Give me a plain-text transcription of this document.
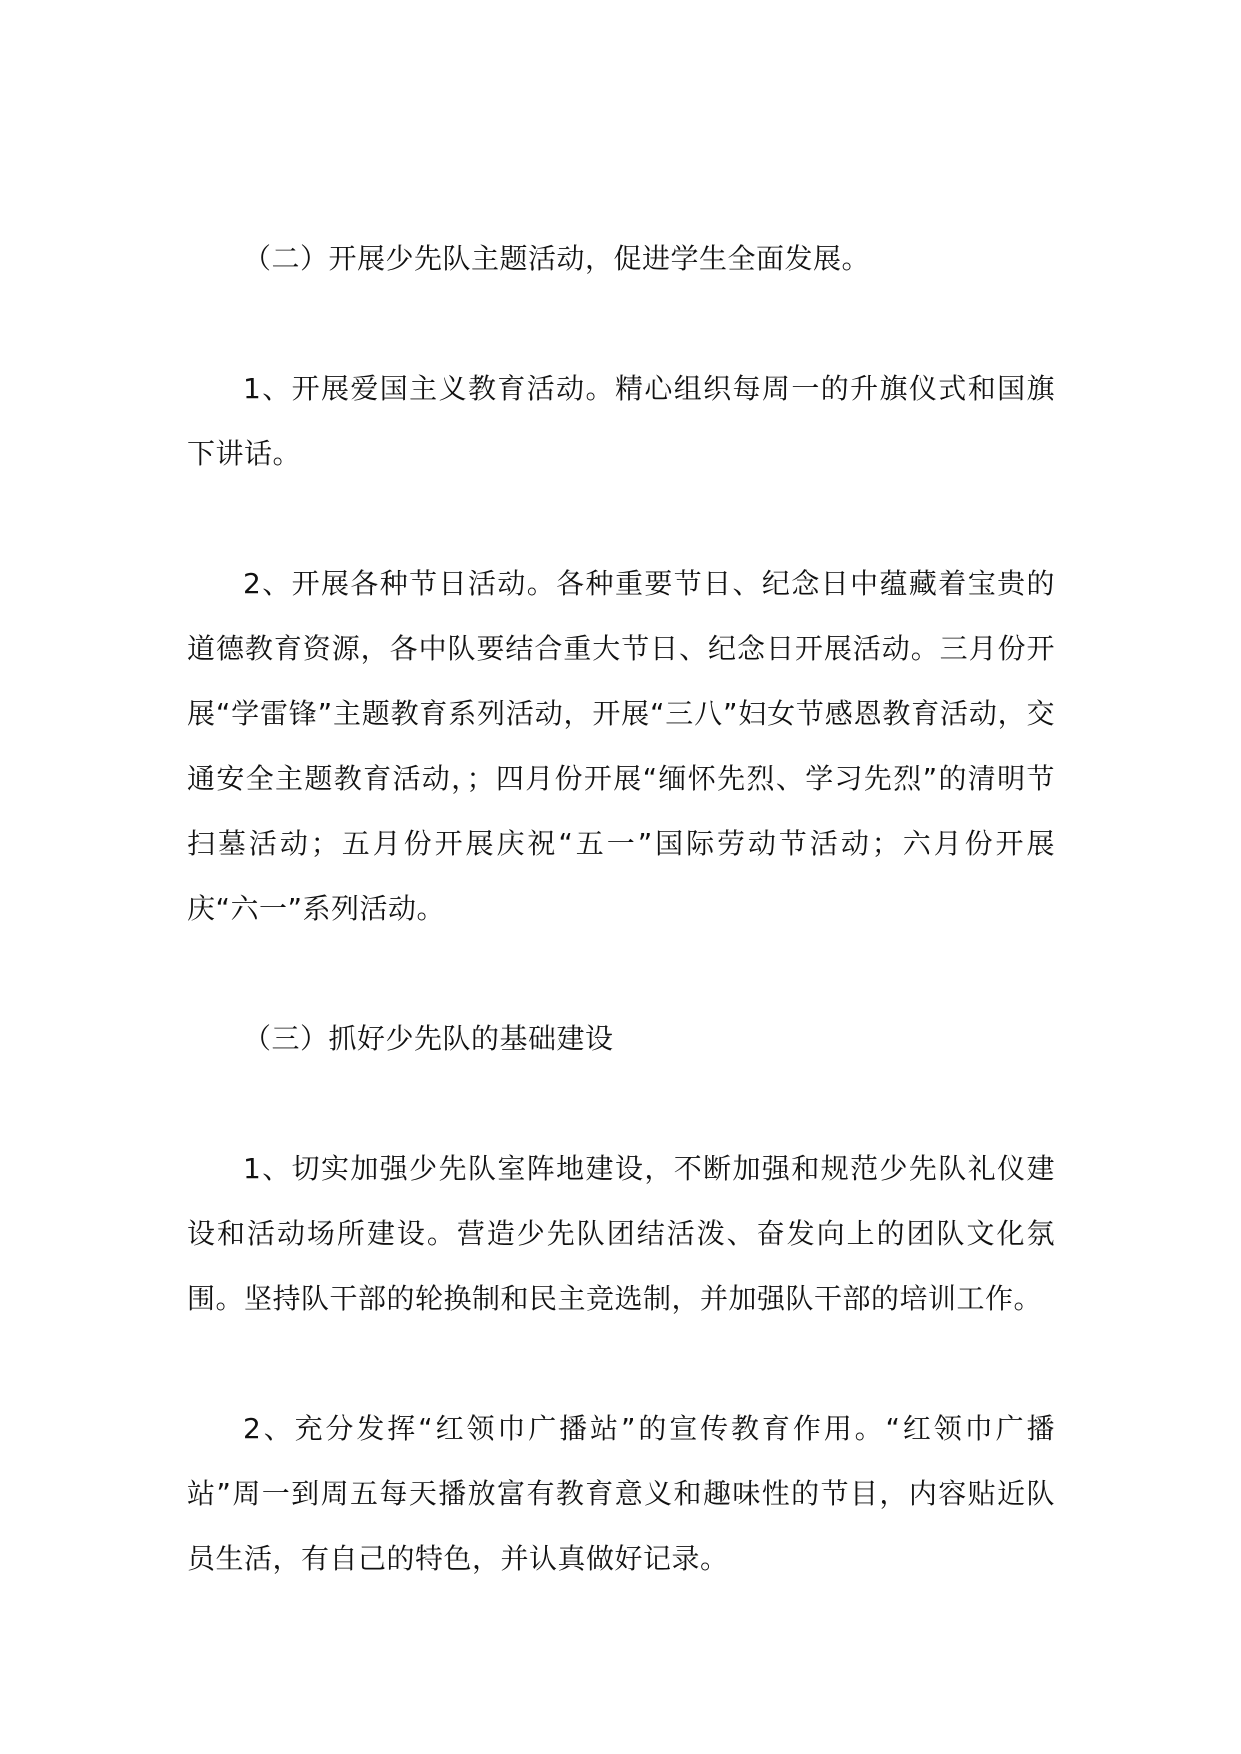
（二）开展少先队主题活动，促进学生全面发展。

1、开展爱国主义教育活动。精心组织每周一的升旗仪式和国旗下讲话。

2、开展各种节日活动。各种重要节日、纪念日中蕴藏着宝贵的道德教育资源，各中队要结合重大节日、纪念日开展活动。三月份开展“学雷锋”主题教育系列活动，开展“三八”妇女节感恩教育活动，交通安全主题教育活动，；四月份开展“缅怀先烈、学习先烈”的清明节扫墓活动；五月份开展庆祝“五一”国际劳动节活动；六月份开展庆“六一”系列活动。

（三）抓好少先队的基础建设

1、切实加强少先队室阵地建设，不断加强和规范少先队礼仪建设和活动场所建设。营造少先队团结活泼、奋发向上的团队文化氛围。坚持队干部的轮换制和民主竞选制，并加强队干部的培训工作。

2、充分发挥“红领巾广播站”的宣传教育作用。“红领巾广播站”周一到周五每天播放富有教育意义和趣味性的节目，内容贴近队员生活，有自己的特色，并认真做好记录。
